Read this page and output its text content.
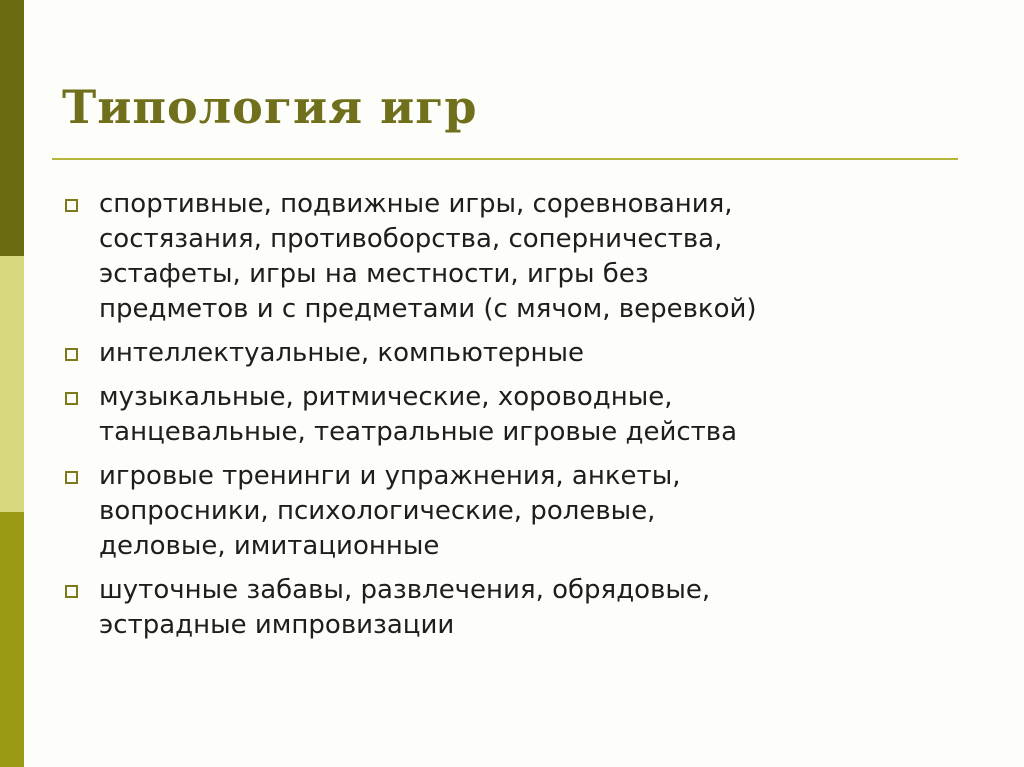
Типология игр
спортивные, подвижные игры, соревнования,
состязания, противоборства, соперничества,
эстафеты, игры на местности, игры без
предметов и с предметами (с мячом, веревкой)
интеллектуальные, компьютерные
музыкальные, ритмические, хороводные,
танцевальные, театральные игровые действа
игровые тренинги и упражнения, анкеты,
вопросники, психологические, ролевые,
деловые, имитационные
шуточные забавы, развлечения, обрядовые,
эстрадные импровизации
